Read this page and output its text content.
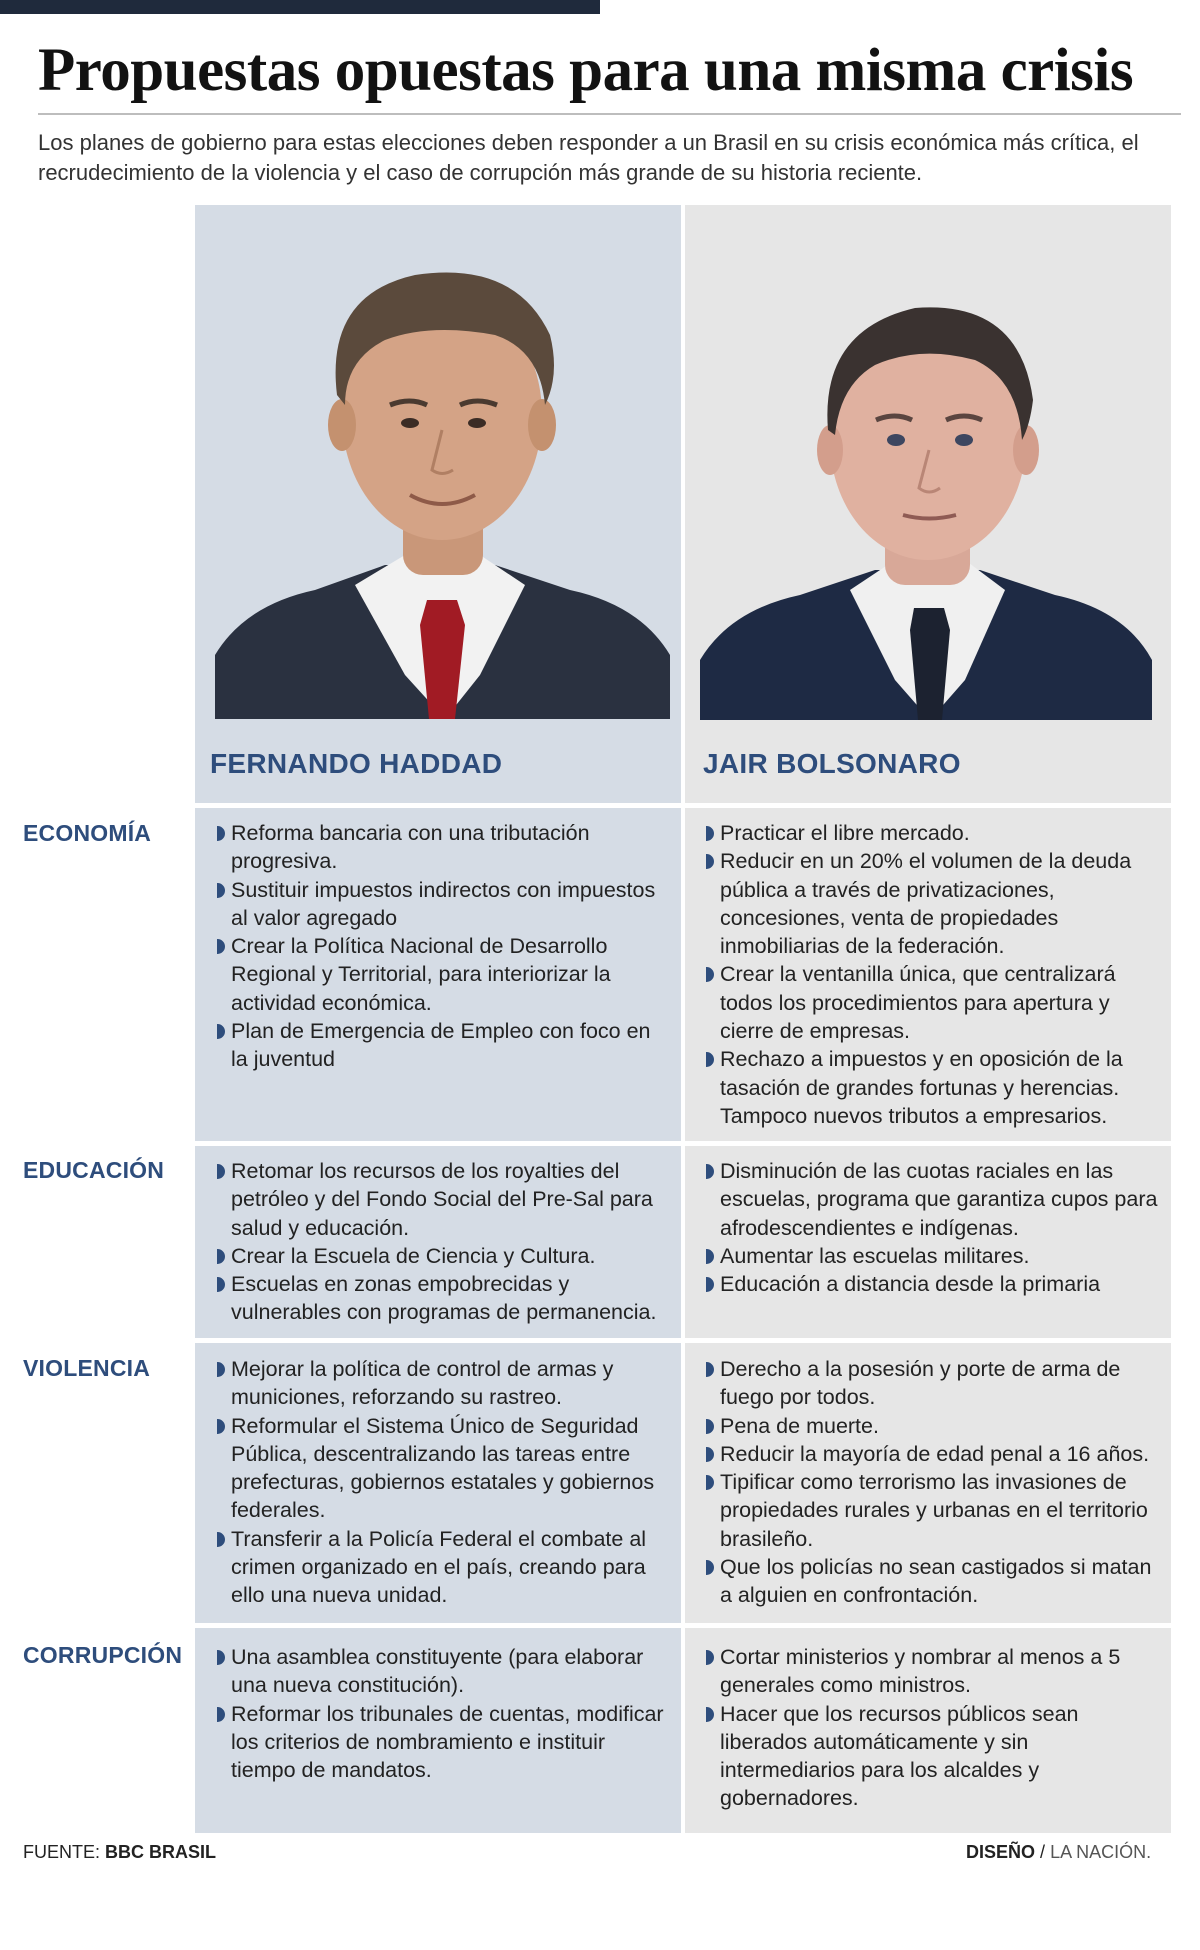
Propuestas opuestas para una misma crisis

Los planes de gobierno para estas elecciones deben responder a un Brasil en su crisis económica más crítica, el recrudecimiento de la violencia y el caso de corrupción más grande de su historia reciente.

FERNANDO HADDAD	JAIR BOLSONARO
ECONOMÍA
EDUCACIÓN
VIOLENCIA
CORRUPCIÓN
Reforma bancaria con una tributación progresiva.
Sustituir impuestos indirectos con impuestos al valor agregado
Crear la Política Nacional de Desarrollo Regional y Territorial, para interiorizar la actividad económica.
Plan de Emergencia de Empleo con foco en la juventud
Practicar el libre mercado.
Reducir en un 20% el volumen de la deuda pública a través de privatizaciones, concesiones, venta de propiedades inmobiliarias de la federación.
Crear la ventanilla única, que centralizará todos los procedimientos para apertura y cierre de empresas.
Rechazo a impuestos y en oposición de la tasación de grandes fortunas y herencias. Tampoco nuevos tributos a empresarios.
Retomar los recursos de los royalties del petróleo y del Fondo Social del Pre-Sal para salud y educación.
Crear la Escuela de Ciencia y Cultura.
Escuelas en zonas empobrecidas y vulnerables con programas de permanencia.
Disminución de las cuotas raciales en las escuelas, programa que garantiza cupos para afrodescendientes e indígenas.
Aumentar las escuelas militares.
Educación a distancia desde la primaria
Mejorar la política de control de armas y municiones, reforzando su rastreo.
Reformular el Sistema Único de Seguridad Pública, descentralizando las tareas entre prefecturas, gobiernos estatales y gobiernos federales.
Transferir a la Policía Federal el combate al crimen organizado en el país, creando para ello una nueva unidad.
Derecho a la posesión y porte de arma de fuego por todos.
Pena de muerte.
Reducir la mayoría de edad penal a 16 años.
Tipificar como terrorismo las invasiones de propiedades rurales y urbanas en el territorio brasileño.
Que los policías no sean castigados si matan a alguien en confrontación.
Una asamblea constituyente (para elaborar una nueva constitución).
Reformar los tribunales de cuentas, modificar los criterios de nombramiento e instituir tiempo de mandatos.
Cortar ministerios y nombrar al menos a 5 generales como ministros.
Hacer que los recursos públicos sean liberados automáticamente y sin intermediarios para los alcaldes y gobernadores.
FUENTE: BBC BRASIL	DISEÑO / LA NACIÓN.
